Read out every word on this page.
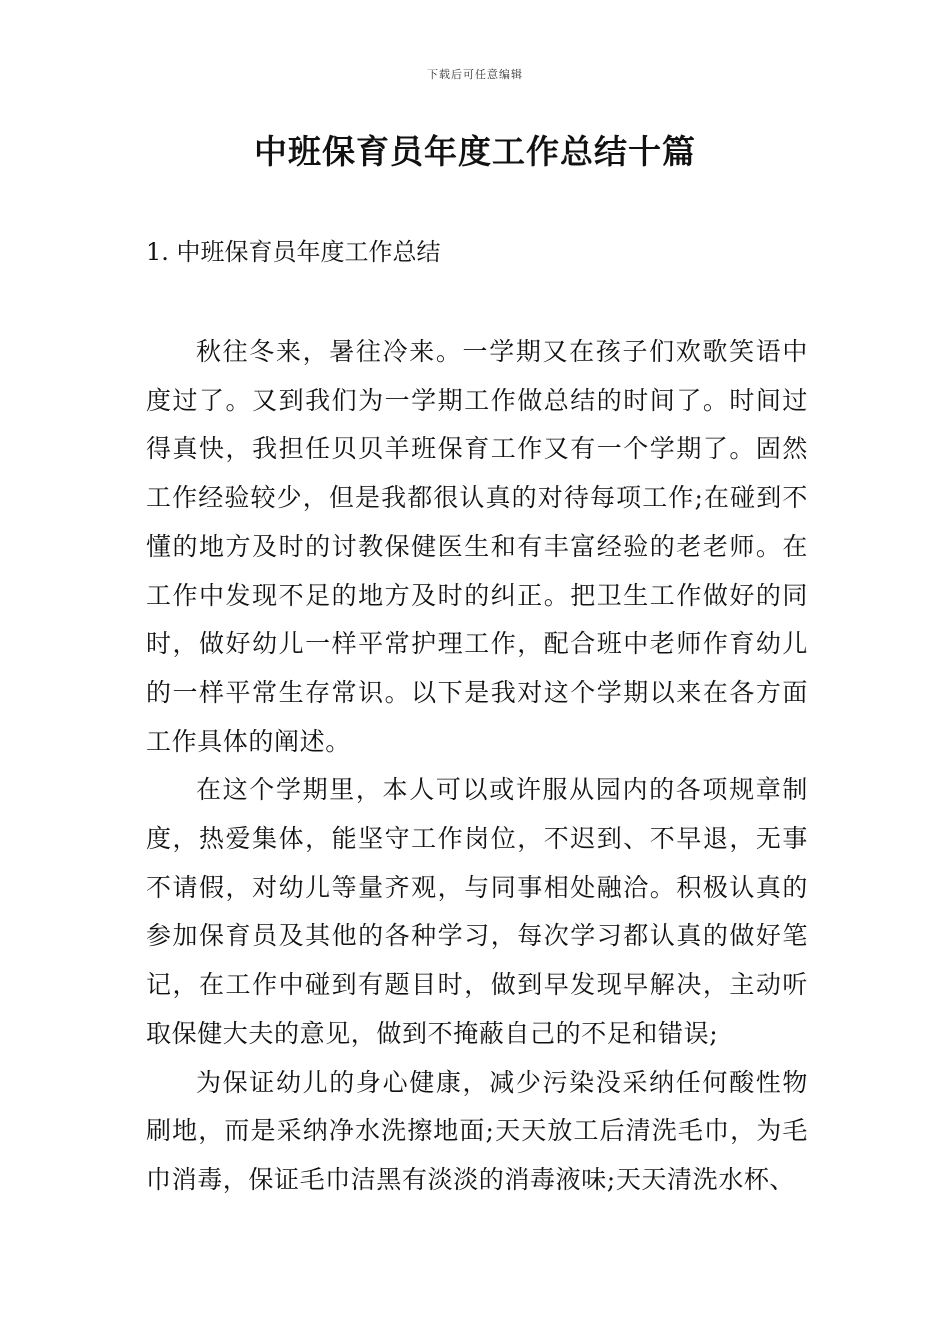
下载后可任意编辑
中班保育员年度工作总结十篇
1. 中班保育员年度工作总结

秋往冬来，暑往冷来。一学期又在孩子们欢歌笑语中度过了。又到我们为一学期工作做总结的时间了。时间过得真快，我担任贝贝羊班保育工作又有一个学期了。固然工作经验较少，但是我都很认真的对待每项工作;在碰到不懂的地方及时的讨教保健医生和有丰富经验的老老师。在工作中发现不足的地方及时的纠正。把卫生工作做好的同时，做好幼儿一样平常护理工作，配合班中老师作育幼儿的一样平常生存常识。以下是我对这个学期以来在各方面工作具体的阐述。

在这个学期里，本人可以或许服从园内的各项规章制度，热爱集体，能坚守工作岗位，不迟到、不早退，无事不请假，对幼儿等量齐观，与同事相处融洽。积极认真的参加保育员及其他的各种学习，每次学习都认真的做好笔记，在工作中碰到有题目时，做到早发现早解决，主动听取保健大夫的意见，做到不掩蔽自己的不足和错误;

为保证幼儿的身心健康，减少污染没采纳任何酸性物刷地，而是采纳净水洗擦地面;天天放工后清洗毛巾，为毛巾消毒，保证毛巾洁黑有淡淡的消毒液味;天天清洗水杯、
